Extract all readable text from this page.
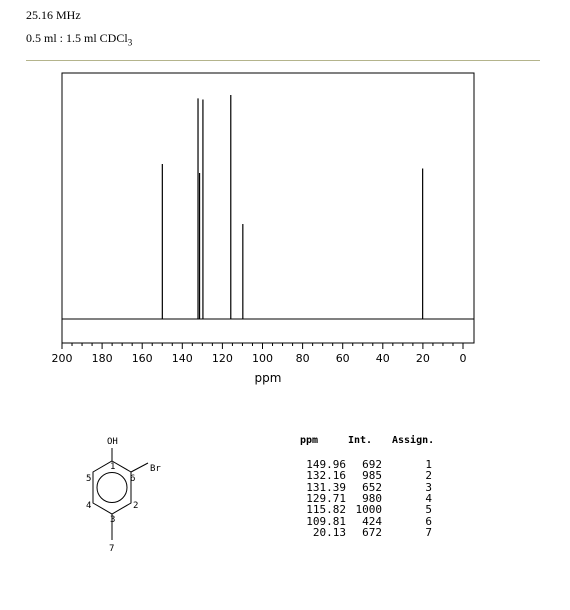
25.16 MHz
0.5 ml : 1.5 ml CDCl$_3$
200 180 160 140 120 100 80 60 40 20	0
ppm
OH
Br
1
2
3
4
5	6
7
ppm	Int. Assign.
149.96 692	1
132.16 985	2
131.39 652	3
129.71 980	4
115.82 1000	5
109.81 424	6
20.13 672	7
